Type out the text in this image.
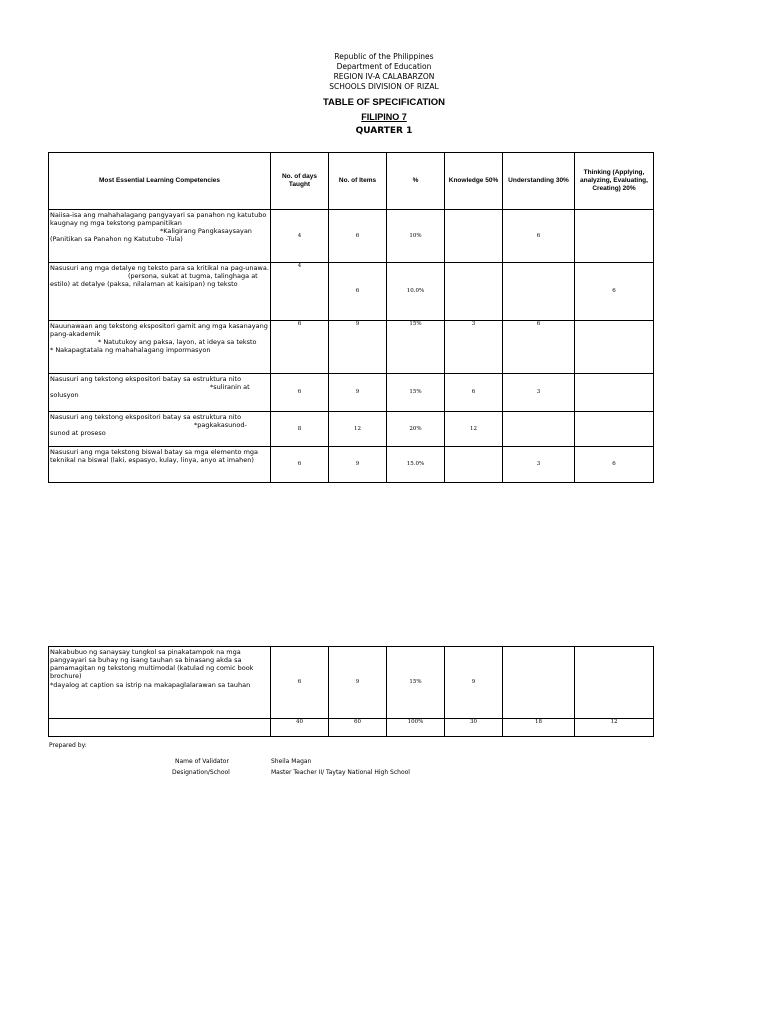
Republic of the Philippines
Department of Education
REGION IV-A CALABARZON
SCHOOLS DIVISION OF RIZAL
TABLE OF SPECIFICATION
FILIPINO 7
QUARTER 1
Most Essential Learning Competencies	No. of days Taught	No. of Items	%	Knowledge 50%	Understanding 30%	Thinking (Applying, analyzing, Evaluating, Creating) 20%

Naiisa-isa ang mahahalagang pangyayari sa panahon ng katutubo kaugnay ng mga tekstong pampanitikan
*Kaligirang Pangkasaysayan
(Panitikan sa Panahon ng Katutubo -Tula)	4	6	10%		6	

Nasusuri ang mga detalye ng teksto para sa kritikal na pag-unawa.
(persona, sukat at tugma, talinghaga at
estilo) at detalye (paksa, nilalaman at kaisipan) ng teksto	4	6	10.0%			6

Nauunawaan ang tekstong ekspositori gamit ang mga kasanayang pang-akademik
* Natutukoy ang paksa, layon, at ideya sa teksto
* Nakapagtatala ng mahahalagang impormasyon	6	9	15%	3	6	

Nasusuri ang tekstong ekspositori batay sa estruktura nito
*suliranin at
solusyon	6	9	15%	6	3	

Nasusuri ang tekstong ekspositori batay sa estruktura nito
*pagkakasunod-
sunod at proseso	8	12	20%	12		

Nasusuri ang mga tekstong biswal batay sa mga elemento mga teknikal na biswal (laki, espasyo, kulay, linya, anyo at imahen)	6	9	15.0%		3	6
Nakabubuo ng sanaysay tungkol sa pinakatampok na mga pangyayari sa buhay ng isang tauhan sa binasang akda sa pamamagitan ng tekstong multimodal (katulad ng comic book brochure)
*dayalog at caption sa istrip na makapaglalarawan sa tauhan	6	9	15%	9		
	40	60	100%	30	18	12
Prepared by:
Name of Validator	Sheila Magan
Designation/School	Master Teacher II/ Taytay National High School
